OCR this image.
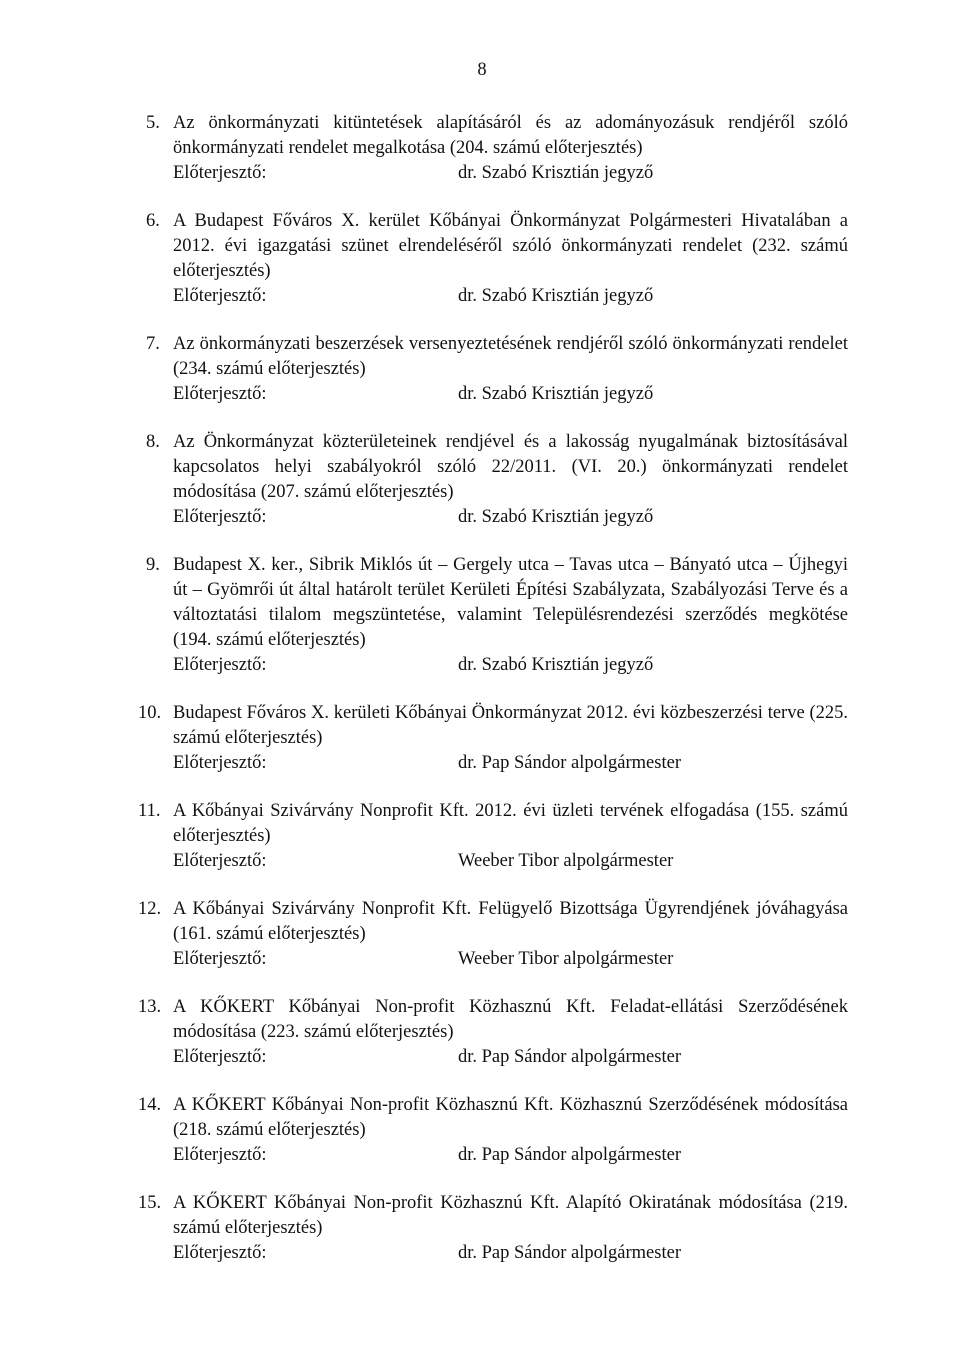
8
5. Az önkormányzati kitüntetések alapításáról és az adományozásuk rendjéről szóló önkormányzati rendelet megalkotása (204. számú előterjesztés)
Előterjesztő:	dr. Szabó Krisztián jegyző
6. A Budapest Főváros X. kerület Kőbányai Önkormányzat Polgármesteri Hivatalában a 2012. évi igazgatási szünet elrendeléséről szóló önkormányzati rendelet (232. számú előterjesztés)
Előterjesztő:	dr. Szabó Krisztián jegyző
7. Az önkormányzati beszerzések versenyeztetésének rendjéről szóló önkormányzati rendelet (234. számú előterjesztés)
Előterjesztő:	dr. Szabó Krisztián jegyző
8. Az Önkormányzat közterületeinek rendjével és a lakosság nyugalmának biztosításával kapcsolatos helyi szabályokról szóló 22/2011. (VI. 20.) önkormányzati rendelet módosítása (207. számú előterjesztés)
Előterjesztő:	dr. Szabó Krisztián jegyző
9. Budapest X. ker., Sibrik Miklós út – Gergely utca – Tavas utca – Bányató utca – Újhegyi út – Gyömrői út által határolt terület Kerületi Építési Szabályzata, Szabályozási Terve és a változtatási tilalom megszüntetése, valamint Településrendezési szerződés megkötése (194. számú előterjesztés)
Előterjesztő:	dr. Szabó Krisztián jegyző
10. Budapest Főváros X. kerületi Kőbányai Önkormányzat 2012. évi közbeszerzési terve (225. számú előterjesztés)
Előterjesztő:	dr. Pap Sándor alpolgármester
11. A Kőbányai Szivárvány Nonprofit Kft. 2012. évi üzleti tervének elfogadása (155. számú előterjesztés)
Előterjesztő:	Weeber Tibor alpolgármester
12. A Kőbányai Szivárvány Nonprofit Kft. Felügyelő Bizottsága Ügyrendjének jóváhagyása (161. számú előterjesztés)
Előterjesztő:	Weeber Tibor alpolgármester
13. A KŐKERT Kőbányai Non-profit Közhasznú Kft. Feladat-ellátási Szerződésének módosítása (223. számú előterjesztés)
Előterjesztő:	dr. Pap Sándor alpolgármester
14. A KŐKERT Kőbányai Non-profit Közhasznú Kft. Közhasznú Szerződésének módosítása (218. számú előterjesztés)
Előterjesztő:	dr. Pap Sándor alpolgármester
15. A KŐKERT Kőbányai Non-profit Közhasznú Kft. Alapító Okiratának módosítása (219. számú előterjesztés)
Előterjesztő:	dr. Pap Sándor alpolgármester
